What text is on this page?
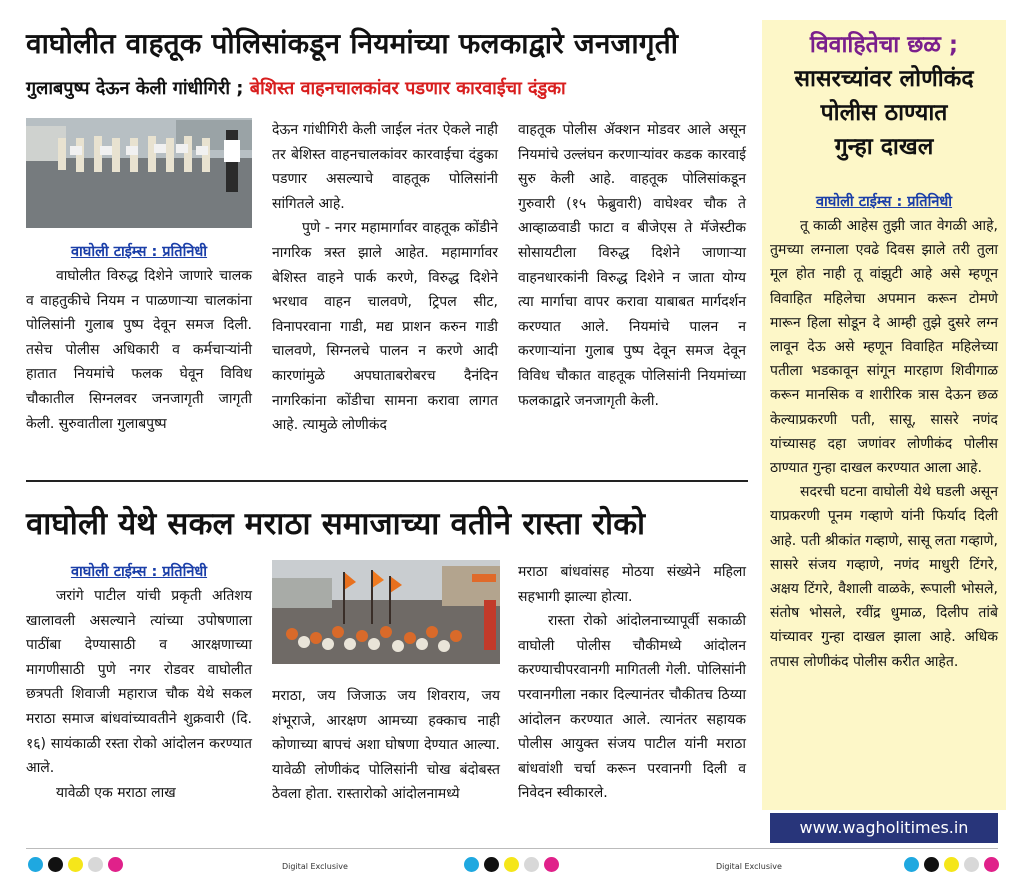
वाघोलीत वाहतूक पोलिसांकडून नियमांच्या फलकाद्वारे जनजागृती
गुलाबपुष्प देऊन केली गांधीगिरी ; बेशिस्त वाहनचालकांवर पडणार कारवाईचा दंडुका
वाघोली टाईम्स : प्रतिनिधी

वाघोलीत विरुद्ध दिशेने जाणारे चालक व वाहतुकीचे नियम न पाळणाऱ्या चालकांना पोलिसांनी गुलाब पुष्प देवून समज दिली. तसेच पोलीस अधिकारी व कर्मचाऱ्यांनी हातात नियमांचे फलक घेवून विविध चौकातील सिग्नलवर जनजागृती जागृती केली. सुरुवातीला गुलाबपुष्प

देऊन गांधीगिरी केली जाईल नंतर ऐकले नाही तर बेशिस्त वाहनचालकांवर कारवाईचा दंडुका पडणार असल्याचे वाहतूक पोलिसांनी सांगितले आहे.

पुणे - नगर महामार्गावर वाहतूक कोंडीने नागरिक त्रस्त झाले आहेत. महामार्गावर बेशिस्त वाहने पार्क करणे, विरुद्ध दिशेने भरधाव वाहन चालवणे, ट्रिपल सीट, विनापरवाना गाडी, मद्य प्राशन करुन गाडी चालवणे, सिग्नलचे पालन न करणे आदी कारणांमुळे अपघाताबरोबरच दैनंदिन नागरिकांना कोंडीचा सामना करावा लागत आहे. त्यामुळे लोणीकंद

वाहतूक पोलीस ॲक्शन मोडवर आले असून नियमांचे उल्लंघन करणाऱ्यांवर कडक कारवाई सुरु केली आहे. वाहतूक पोलिसांकडून गुरुवारी (१५ फेब्रुवारी) वाघेश्वर चौक ते आव्हाळवाडी फाटा व बीजेएस ते मॅजेस्टीक सोसायटीला विरुद्ध दिशेने जाणाऱ्या वाहनधारकांनी विरुद्ध दिशेने न जाता योग्य त्या मार्गाचा वापर करावा याबाबत मार्गदर्शन करण्यात आले. नियमांचे पालन न करणाऱ्यांना गुलाब पुष्प देवून समज देवून विविध चौकात वाहतूक पोलिसांनी नियमांच्या फलकाद्वारे जनजागृती केली.

वाघोली येथे सकल मराठा समाजाच्या वतीने रास्ता रोको
वाघोली टाईम्स : प्रतिनिधी

जरांगे पाटील यांची प्रकृती अतिशय खालावली असल्याने त्यांच्या उपोषणाला पाठींबा देण्यासाठी व आरक्षणाच्या मागणीसाठी पुणे नगर रोडवर वाघोलीत छत्रपती शिवाजी महाराज चौक येथे सकल मराठा समाज बांधवांच्यावतीने शुक्रवारी (दि. १६) सायंकाळी रस्ता रोको आंदोलन करण्यात आले.

यावेळी एक मराठा लाख

मराठा, जय जिजाऊ जय शिवराय, जय शंभूराजे, आरक्षण आमच्या हक्काच नाही कोणाच्या बापचं अशा घोषणा देण्यात आल्या. यावेळी लोणीकंद पोलिसांनी चोख बंदोबस्त ठेवला होता. रास्तारोको आंदोलनामध्ये

मराठा बांधवांसह मोठया संख्येने महिला सहभागी झाल्या होत्या.

रास्ता रोको आंदोलनाच्यापूर्वी सकाळी वाघोली पोलीस चौकीमध्ये आंदोलन करण्याचीपरवानगी मागितली गेली. पोलिसांनी परवानगीला नकार दिल्यानंतर चौकीतच ठिय्या आंदोलन करण्यात आले. त्यानंतर सहायक पोलीस आयुक्त संजय पाटील यांनी मराठा बांधवांशी चर्चा करून परवानगी दिली व निवेदन स्वीकारले.

विवाहितेचा छळ ;
सासरच्यांवर लोणीकंद
पोलीस ठाण्यात
गुन्हा दाखल
वाघोली टाईम्स : प्रतिनिधी

तू काळी आहेस तुझी जात वेगळी आहे, तुमच्या लग्नाला एवढे दिवस झाले तरी तुला मूल होत नाही तू वांझुटी आहे असे म्हणून विवाहित महिलेचा अपमान करून टोमणे मारून हिला सोडून दे आम्ही तुझे दुसरे लग्न लावून देऊ असे म्हणून विवाहित महिलेच्या पतीला भडकावून सांगून मारहाण शिवीगाळ करून मानसिक व शारीरिक त्रास देऊन छळ केल्याप्रकरणी पती, सासू, सासरे नणंद यांच्यासह दहा जणांवर लोणीकंद पोलीस ठाण्यात गुन्हा दाखल करण्यात आला आहे.

सदरची घटना वाघोली येथे घडली असून याप्रकरणी पूनम गव्हाणे यांनी फिर्याद दिली आहे. पती श्रीकांत गव्हाणे, सासू लता गव्हाणे, सासरे संजय गव्हाणे, नणंद माधुरी टिंगरे, अक्षय टिंगरे, वैशाली वाळके, रूपाली भोसले, संतोष भोसले, रवींद्र धुमाळ, दिलीप तांबे यांच्यावर गुन्हा दाखल झाला आहे. अधिक तपास लोणीकंद पोलीस करीत आहेत.

www.wagholitimes.in
Digital Exclusive	Digital Exclusive
